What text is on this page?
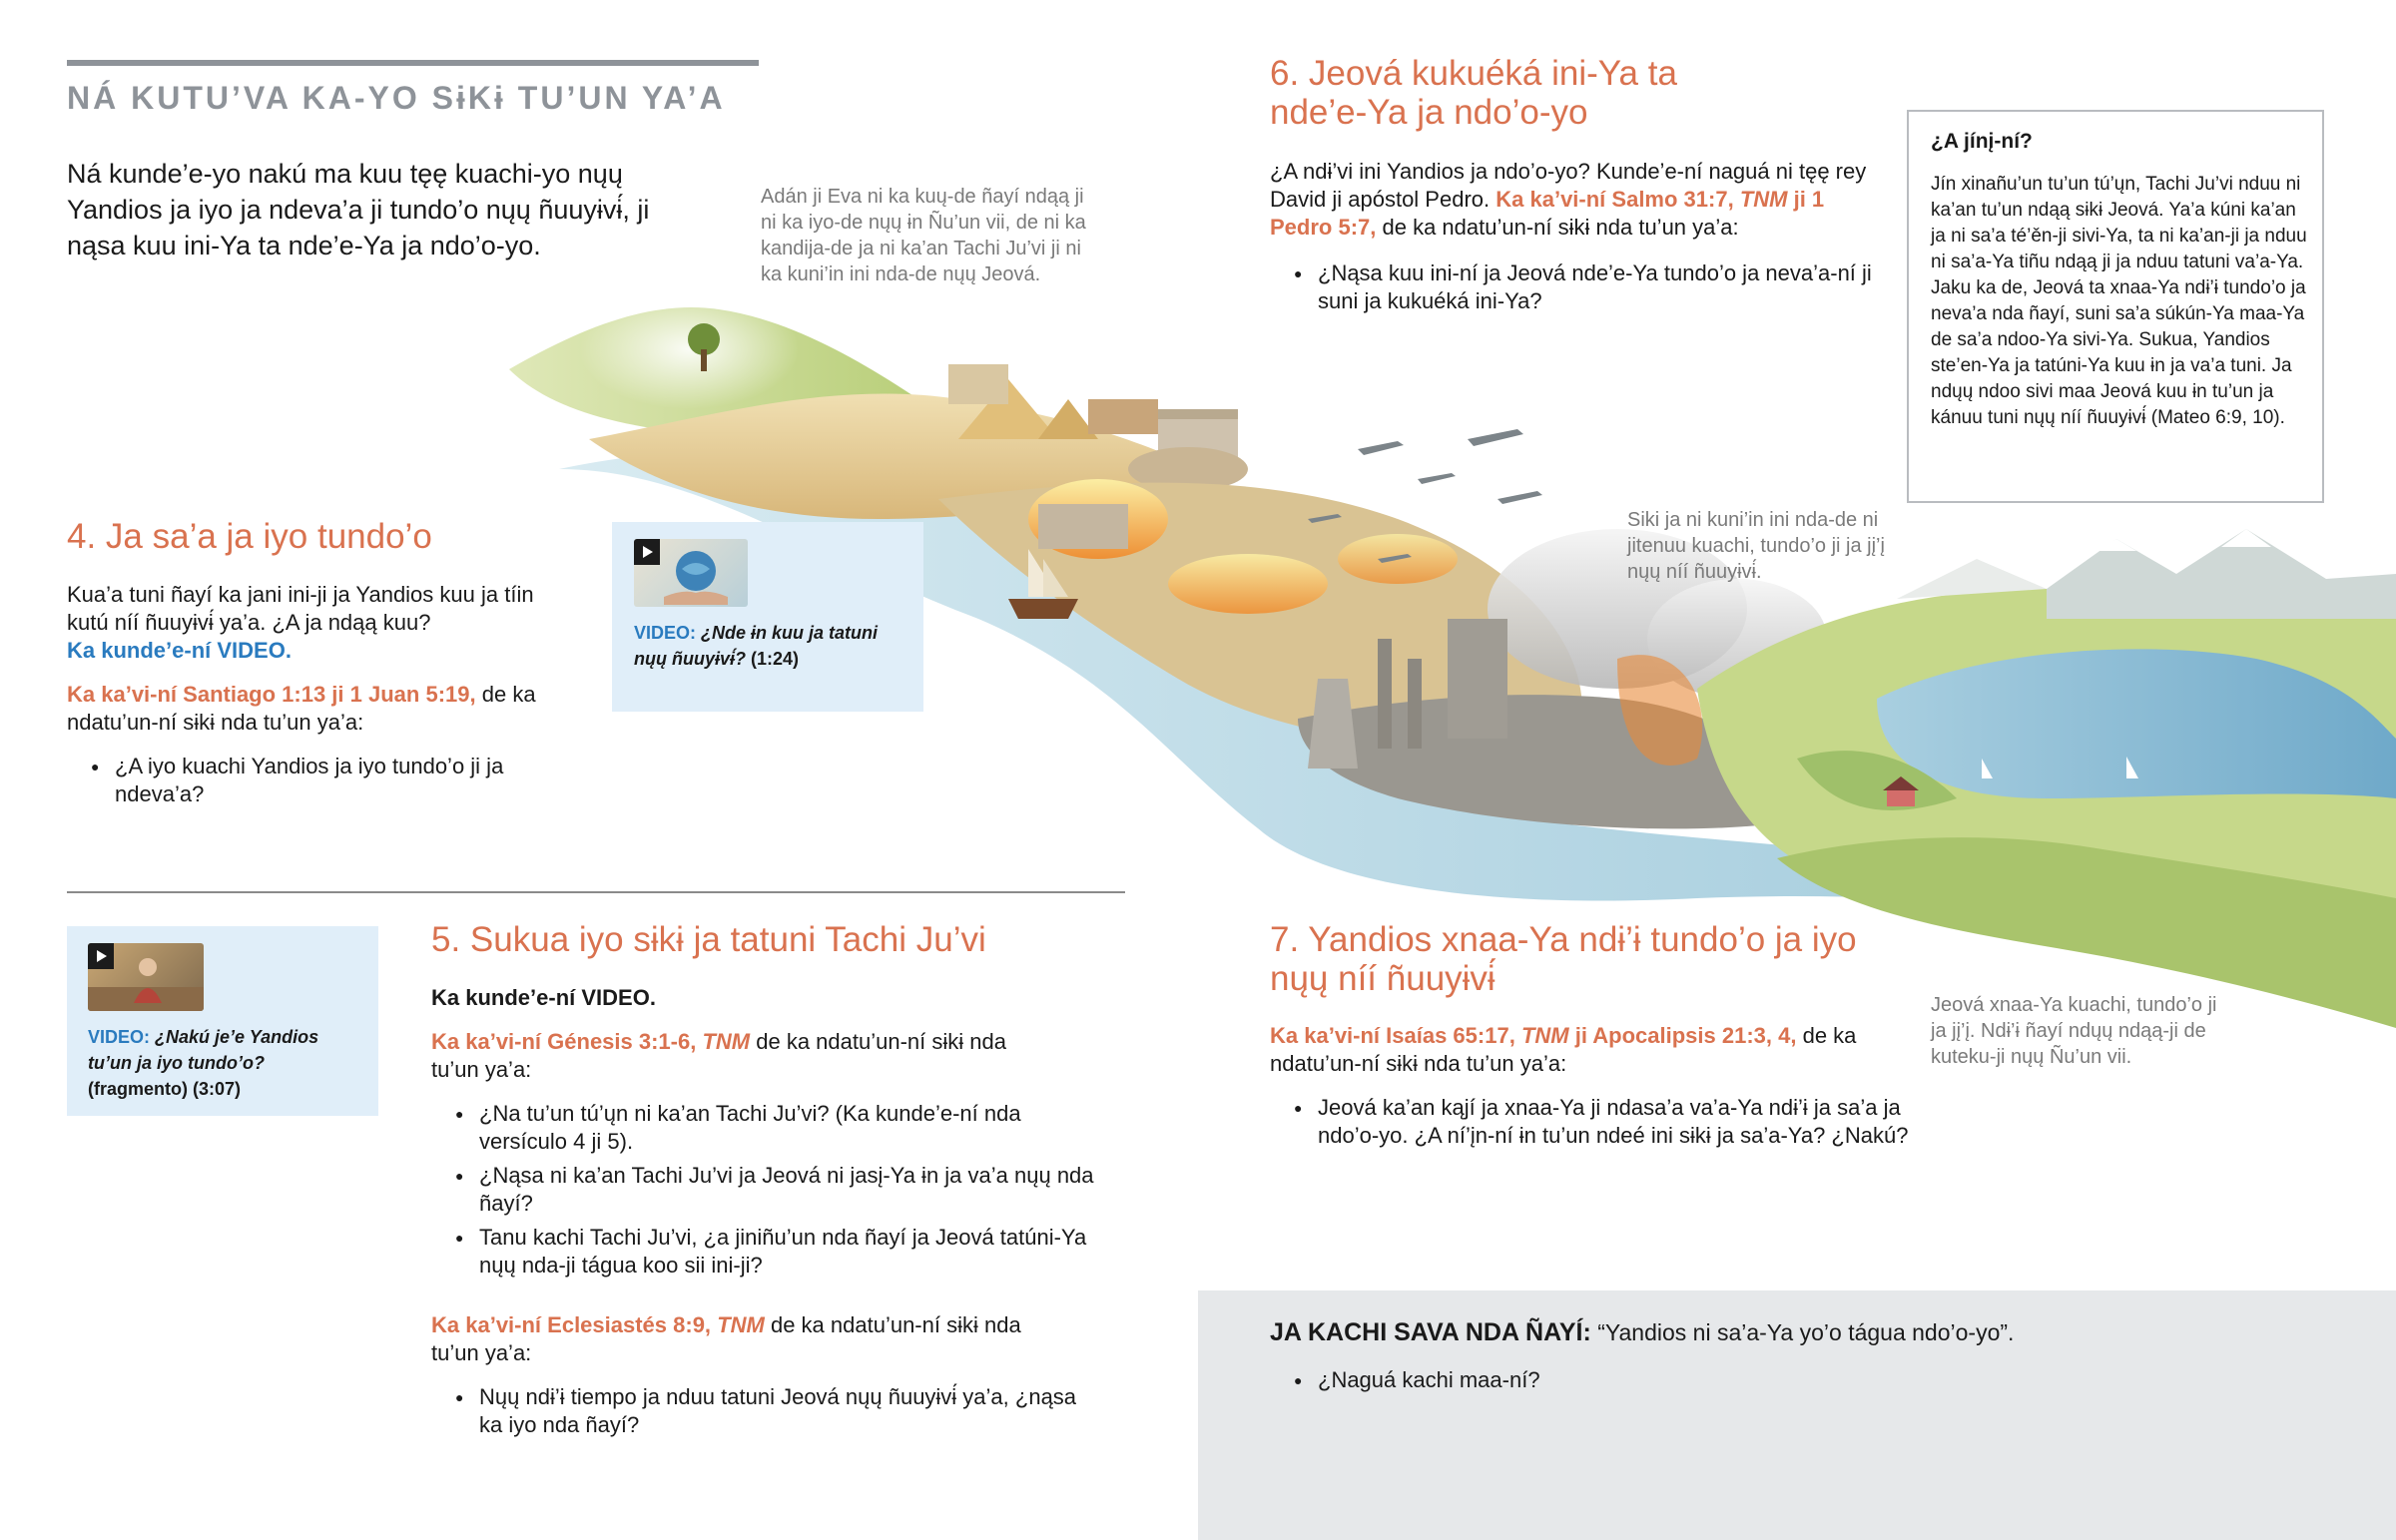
NÁ KUTU’VA KA-YO SɨKɨ TU’UN YA’A
Ná kunde’e-yo nakú ma kuu tęę kuachi-yo nųų Yandios ja iyo ja ndeva’a ji tundo’o nųų ñuuyɨvɨ́, ji nąsa kuu ini-Ya ta nde’e-Ya ja ndo’o-yo.
Adán ji Eva ni ka kuų-de ñayí ndąą ji ni ka iyo-de nųų ɨn Ñu’un vii, de ni ka kandija-de ja ni ka’an Tachi Ju’vi ji ni ka kuni’in ini nda-de nųų Jeová.
Siki ja ni kuni’in ini nda-de ni jitenuu kuachi, tundo’o ji ja jį’į nųų níí ñuuyɨvɨ́.
Jeová xnaa-Ya kuachi, tundo’o ji ja jį’į. Ndɨ’ɨ ñayí ndųų ndąą-ji de kuteku-ji nųų Ñu’un vii.
4. Ja sa’a ja iyo tundo’o
Kua’a tuni ñayí ka jani ini-ji ja Yandios kuu ja tíin kutú níí ñuuyɨvɨ́ ya’a. ¿A ja ndąą kuu?
Ka kunde’e-ní VIDEO.
Ka ka’vi-ní Santiago 1:13 ji 1 Juan 5:19, de ka ndatu’un-ní sɨkɨ nda tu’un ya’a:
● ¿A iyo kuachi Yandios ja iyo tundo’o ji ja ndeva’a?
VIDEO: ¿Nde ɨn kuu ja tatuni nųų ñuuyɨvɨ́? (1:24)
VIDEO: ¿Nakú je’e Yandios tu’un ja iyo tundo’o?
(fragmento) (3:07)
5. Sukua iyo sɨkɨ ja tatuni Tachi Ju’vi
Ka kunde’e-ní VIDEO.
Ka ka’vi-ní Génesis 3:1-6, TNM de ka ndatu’un-ní sɨkɨ nda tu’un ya’a:
● ¿Na tu’un tú’ųn ni ka’an Tachi Ju’vi? (Ka kunde’e-ní nda versículo 4 ji 5).
● ¿Nąsa ni ka’an Tachi Ju’vi ja Jeová ni jasį-Ya ɨn ja va’a nųų nda ñayí?
● Tanu kachi Tachi Ju’vi, ¿a jiniñu’un nda ñayí ja Jeová tatúni-Ya nųų nda-ji tágua koo sii ini-ji?
Ka ka’vi-ní Eclesiastés 8:9, TNM de ka ndatu’un-ní sɨkɨ nda tu’un ya’a:
● Nųų ndɨ’ɨ tiempo ja nduu tatuni Jeová nųų ñuuyɨvɨ́ ya’a, ¿nąsa ka iyo nda ñayí?
6. Jeová kukuéká ini-Ya ta
nde’e-Ya ja ndo’o-yo
¿A ndɨ’vi ini Yandios ja ndo’o-yo? Kunde’e-ní naguá ni tęę rey David ji apóstol Pedro. Ka ka’vi-ní Salmo 31:7, TNM ji 1 Pedro 5:7, de ka ndatu’un-ní sɨkɨ nda tu’un ya’a:
● ¿Nąsa kuu ini-ní ja Jeová nde’e-Ya tundo’o ja neva’a-ní ji suni ja kukuéká ini-Ya?
¿A jínį-ní?
Jín xinañu’un tu’un tú’ųn, Tachi Ju’vi nduu ni ka’an tu’un ndąą sɨkɨ Jeová. Ya’a kúni ka’an ja ni sa’a té’ěn-ji sivi-Ya, ta ni ka’an-ji ja nduu ni sa’a-Ya tiñu ndąą ji ja nduu tatuni va’a-Ya. Jaku ka de, Jeová ta xnaa-Ya ndɨ’ɨ tundo’o ja neva’a nda ñayí, suni sa’a súkún-Ya maa-Ya de sa’a ndoo-Ya sivi-Ya. Sukua, Yandios ste’en-Ya ja tatúni-Ya kuu ɨn ja va’a tuni. Ja ndųų ndoo sivi maa Jeová kuu ɨn tu’un ja kánuu tuni nųų níí ñuuyɨvɨ́ (Mateo 6:9, 10).
7. Yandios xnaa-Ya ndɨ’ɨ tundo’o ja iyo
nųų níí ñuuyɨvɨ́
Ka ka’vi-ní Isaías 65:17, TNM ji Apocalipsis 21:3, 4, de ka ndatu’un-ní sɨkɨ nda tu’un ya’a:
● Jeová ka’an kąjí ja xnaa-Ya ji ndasa’a va’a-Ya ndɨ’ɨ ja sa’a ja ndo’o-yo. ¿A ní’įn-ní ɨn tu’un ndeé ini sɨkɨ ja sa’a-Ya? ¿Nakú?
JA KACHI SAVA NDA ÑAYÍ: “Yandios ni sa’a-Ya yo’o tágua ndo’o-yo”.
● ¿Naguá kachi maa-ní?
